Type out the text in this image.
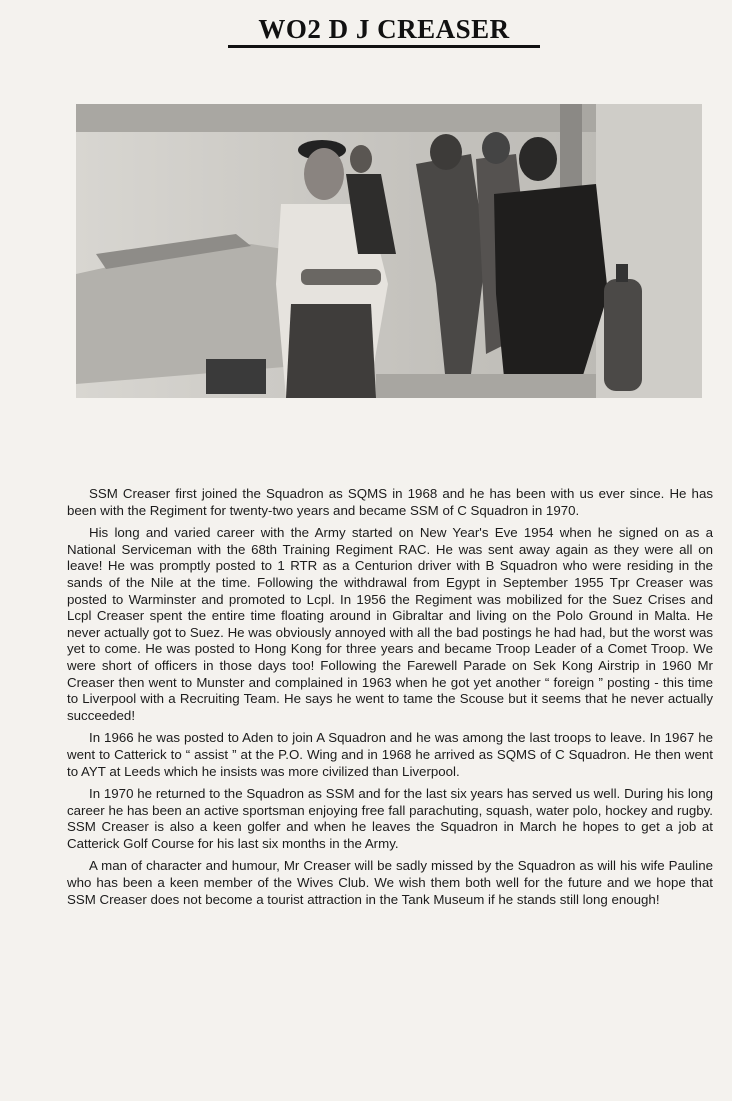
WO2 D J CREASER

SSM Creaser first joined the Squadron as SQMS in 1968 and he has been with us ever since. He has been with the Regiment for twenty-two years and became SSM of C Squadron in 1970.

His long and varied career with the Army started on New Year's Eve 1954 when he signed on as a National Serviceman with the 68th Training Regiment RAC. He was sent away again as they were all on leave! He was promptly posted to 1 RTR as a Centurion driver with B Squadron who were residing in the sands of the Nile at the time. Following the withdrawal from Egypt in September 1955 Tpr Creaser was posted to Warminster and promoted to Lcpl. In 1956 the Regiment was mobilized for the Suez Crises and Lcpl Creaser spent the entire time floating around in Gibraltar and living on the Polo Ground in Malta. He never actually got to Suez. He was obviously annoyed with all the bad postings he had had, but the worst was yet to come. He was posted to Hong Kong for three years and became Troop Leader of a Comet Troop. We were short of officers in those days too! Following the Farewell Parade on Sek Kong Airstrip in 1960 Mr Creaser then went to Munster and complained in 1963 when he got yet another “ foreign ” posting - this time to Liverpool with a Recruiting Team. He says he went to tame the Scouse but it seems that he never actually succeeded!

In 1966 he was posted to Aden to join A Squadron and he was among the last troops to leave. In 1967 he went to Catterick to “ assist ” at the P.O. Wing and in 1968 he arrived as SQMS of C Squadron. He then went to AYT at Leeds which he insists was more civilized than Liverpool.

In 1970 he returned to the Squadron as SSM and for the last six years has served us well. During his long career he has been an active sportsman enjoying free fall parachuting, squash, water polo, hockey and rugby. SSM Creaser is also a keen golfer and when he leaves the Squadron in March he hopes to get a job at Catterick Golf Course for his last six months in the Army.

A man of character and humour, Mr Creaser will be sadly missed by the Squadron as will his wife Pauline who has been a keen member of the Wives Club. We wish them both well for the future and we hope that SSM Creaser does not become a tourist attraction in the Tank Museum if he stands still long enough!
